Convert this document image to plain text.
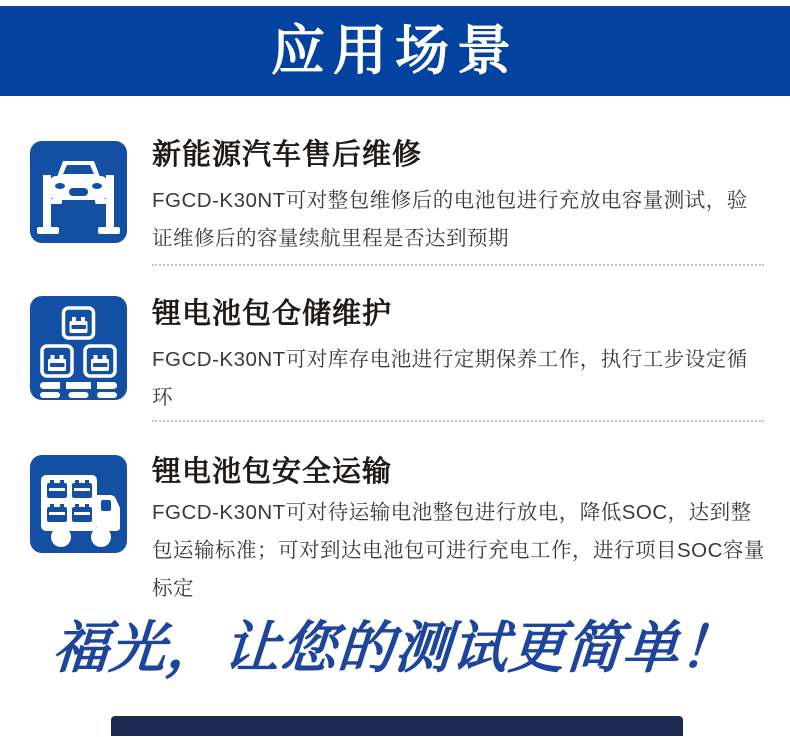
应用场景
新能源汽车售后维修
FGCD-K30NT可对整包维修后的电池包进行充放电容量测试，验证维修后的容量续航里程是否达到预期
锂电池包仓储维护
FGCD-K30NT可对库存电池进行定期保养工作，执行工步设定循环
锂电池包安全运输
FGCD-K30NT可对待运输电池整包进行放电，降低SOC，达到整包运输标准；可对到达电池包可进行充电工作，进行项目SOC容量标定
福光，让您的测试更简单！
